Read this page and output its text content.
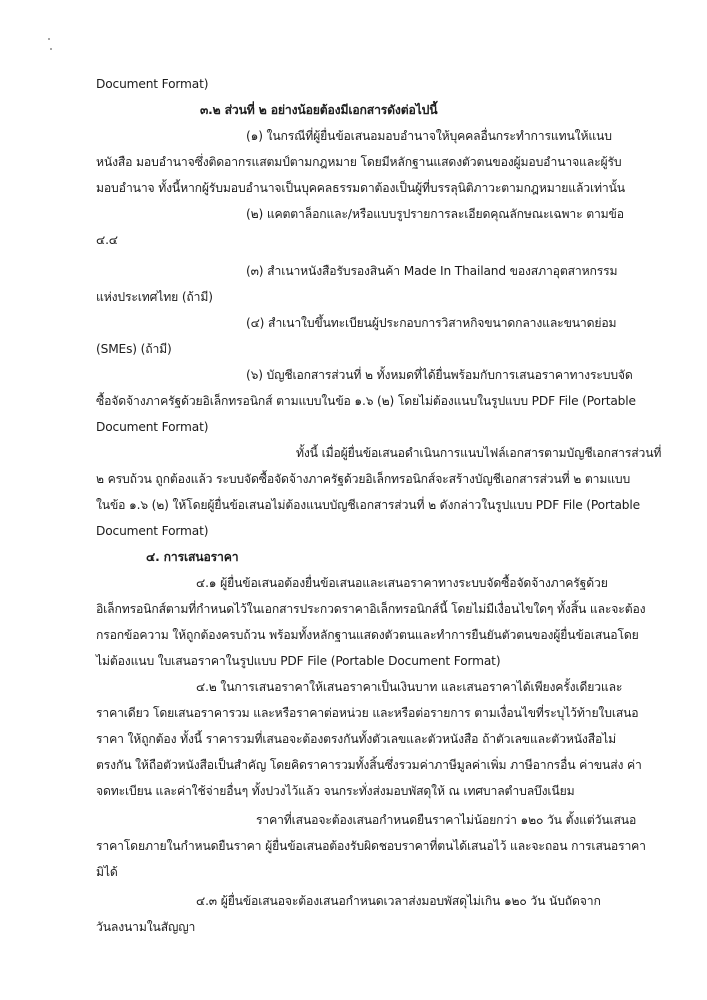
Document Format)
๓.๒ ส่วนที่ ๒ อย่างน้อยต้องมีเอกสารดังต่อไปนี้
(๑) ในกรณีที่ผู้ยื่นข้อเสนอมอบอำนาจให้บุคคลอื่นกระทำการแทนให้แนบ
หนังสือ มอบอำนาจซึ่งติดอากรแสตมป์ตามกฎหมาย โดยมีหลักฐานแสดงตัวตนของผู้มอบอำนาจและผู้รับ
มอบอำนาจ ทั้งนี้หากผู้รับมอบอำนาจเป็นบุคคลธรรมดาต้องเป็นผู้ที่บรรลุนิติภาวะตามกฎหมายแล้วเท่านั้น
(๒) แคตตาล็อกและ/หรือแบบรูปรายการละเอียดคุณลักษณะเฉพาะ ตามข้อ
๔.๔
(๓) สำเนาหนังสือรับรองสินค้า Made In Thailand ของสภาอุตสาหกรรม
แห่งประเทศไทย (ถ้ามี)
(๔) สำเนาใบขึ้นทะเบียนผู้ประกอบการวิสาหกิจขนาดกลางและขนาดย่อม
(SMEs) (ถ้ามี)
(๖) บัญชีเอกสารส่วนที่ ๒ ทั้งหมดที่ได้ยื่นพร้อมกับการเสนอราคาทางระบบจัด
ซื้อจัดจ้างภาครัฐด้วยอิเล็กทรอนิกส์ ตามแบบในข้อ ๑.๖ (๒) โดยไม่ต้องแนบในรูปแบบ PDF File (Portable
Document Format)
ทั้งนี้ เมื่อผู้ยื่นข้อเสนอดำเนินการแนบไฟล์เอกสารตามบัญชีเอกสารส่วนที่
๒ ครบถ้วน ถูกต้องแล้ว ระบบจัดซื้อจัดจ้างภาครัฐด้วยอิเล็กทรอนิกส์จะสร้างบัญชีเอกสารส่วนที่ ๒ ตามแบบ
ในข้อ ๑.๖ (๒) ให้โดยผู้ยื่นข้อเสนอไม่ต้องแนบบัญชีเอกสารส่วนที่ ๒ ดังกล่าวในรูปแบบ PDF File (Portable
Document Format)
๔. การเสนอราคา
๔.๑ ผู้ยื่นข้อเสนอต้องยื่นข้อเสนอและเสนอราคาทางระบบจัดซื้อจัดจ้างภาครัฐด้วย
อิเล็กทรอนิกส์ตามที่กำหนดไว้ในเอกสารประกวดราคาอิเล็กทรอนิกส์นี้ โดยไม่มีเงื่อนไขใดๆ ทั้งสิ้น และจะต้อง
กรอกข้อความ ให้ถูกต้องครบถ้วน พร้อมทั้งหลักฐานแสดงตัวตนและทำการยืนยันตัวตนของผู้ยื่นข้อเสนอโดย
ไม่ต้องแนบ ใบเสนอราคาในรูปแบบ PDF File (Portable Document Format)
๔.๒ ในการเสนอราคาให้เสนอราคาเป็นเงินบาท และเสนอราคาได้เพียงครั้งเดียวและ
ราคาเดียว โดยเสนอราคารวม และหรือราคาต่อหน่วย และหรือต่อรายการ ตามเงื่อนไขที่ระบุไว้ท้ายใบเสนอ
ราคา ให้ถูกต้อง ทั้งนี้ ราคารวมที่เสนอจะต้องตรงกันทั้งตัวเลขและตัวหนังสือ ถ้าตัวเลขและตัวหนังสือไม่
ตรงกัน ให้ถือตัวหนังสือเป็นสำคัญ โดยคิดราคารวมทั้งสิ้นซึ่งรวมค่าภาษีมูลค่าเพิ่ม ภาษีอากรอื่น ค่าขนส่ง ค่า
จดทะเบียน และค่าใช้จ่ายอื่นๆ ทั้งปวงไว้แล้ว จนกระทั่งส่งมอบพัสดุให้ ณ เทศบาลตำบลบึงเนียม
ราคาที่เสนอจะต้องเสนอกำหนดยืนราคาไม่น้อยกว่า ๑๒๐ วัน ตั้งแต่วันเสนอ
ราคาโดยภายในกำหนดยืนราคา ผู้ยื่นข้อเสนอต้องรับผิดชอบราคาที่ตนได้เสนอไว้ และจะถอน การเสนอราคา
มิได้
๔.๓ ผู้ยื่นข้อเสนอจะต้องเสนอกำหนดเวลาส่งมอบพัสดุไม่เกิน ๑๒๐ วัน นับถัดจาก
วันลงนามในสัญญา
